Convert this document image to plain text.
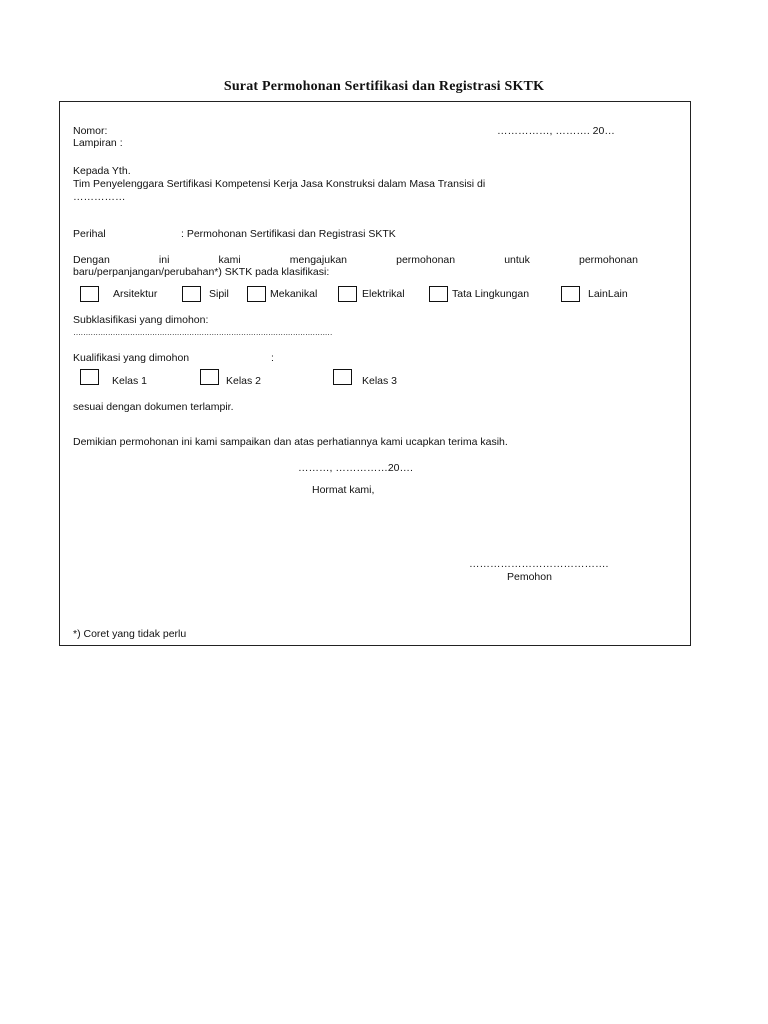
Surat Permohonan Sertifikasi dan Registrasi SKTK
Nomor:	……………, ………. 20…
Lampiran :
Kepada Yth.
Tim Penyelenggara Sertifikasi Kompetensi Kerja Jasa Konstruksi dalam Masa Transisi di
……………
Perihal	: Permohonan Sertifikasi dan Registrasi SKTK
Dengan	ini	kami	mengajukan	permohonan	untuk	permohonan
baru/perpanjangan/perubahan*) SKTK pada klasifikasi:
Arsitektur	Sipil	Mekanikal	Elektrikal	Tata Lingkungan	LainLain
Subklasifikasi yang dimohon:
……………………………………………………………………………………………
Kualifikasi yang dimohon	:
Kelas 1	Kelas 2	Kelas 3
sesuai dengan dokumen terlampir.
Demikian permohonan ini kami sampaikan dan atas perhatiannya kami ucapkan terima kasih.
………, ……………20….
Hormat kami,
………………………………….
Pemohon
*) Coret yang tidak perlu
